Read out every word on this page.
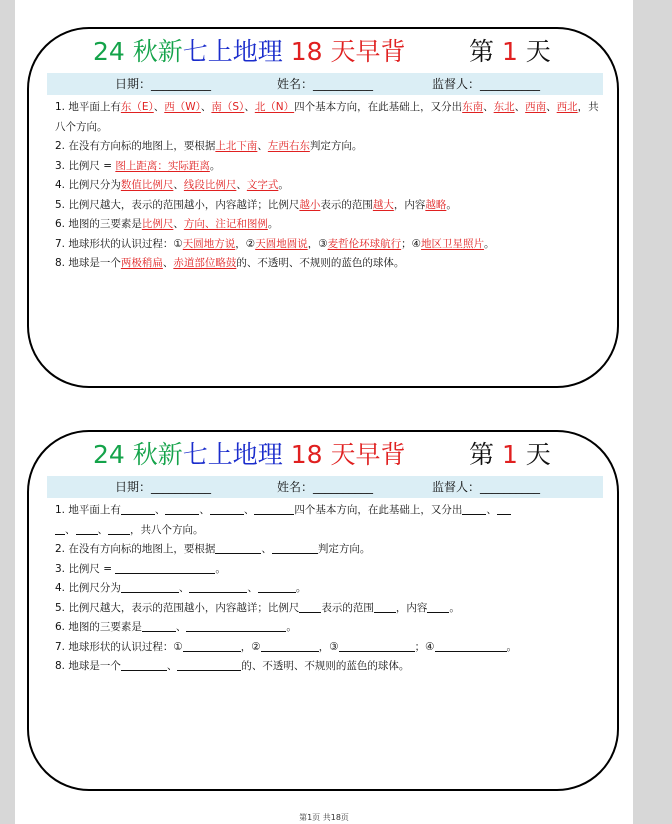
24 秋新七上地理 18 天早背	第 1 天
日期：__________	姓名：__________	监督人：__________
1. 地平面上有东（E）、西（W）、南（S）、北（N）四个基本方向，在此基础上，又分出东南、东北、西南、西北，共八个方向。
2. 在没有方向标的地图上，要根据上北下南、左西右东判定方向。
3. 比例尺 = 图上距离：实际距离。
4. 比例尺分为数值比例尺、线段比例尺、文字式。
5. 比例尺越大，表示的范围越小，内容越详；比例尺越小表示的范围越大，内容越略。
6. 地图的三要素是比例尺、方向、注记和图例。
7. 地球形状的认识过程：①天圆地方说，②天圆地圆说，③麦哲伦环球航行；④地区卫星照片。
8. 地球是一个两极稍扁、赤道部位略鼓的、不透明、不规则的蓝色的球体。
24 秋新七上地理 18 天早背	第 1 天
日期：__________	姓名：__________	监督人：__________
1. 地平面上有	、	、	、	四个基本方向，在此基础上，又分出 、
、 、 ，共八个方向。
2. 在没有方向标的地图上，要根据	、	判定方向。
3. 比例尺 =	。
4. 比例尺分为	、	、	。
5. 比例尺越大，表示的范围越小，内容越详；比例尺 表示的范围 ，内容 。
6. 地图的三要素是	、	。
7. 地球形状的认识过程：①	，②	，③	；④	。
8. 地球是一个	、	的、不透明、不规则的蓝色的球体。
第1页 共18页
